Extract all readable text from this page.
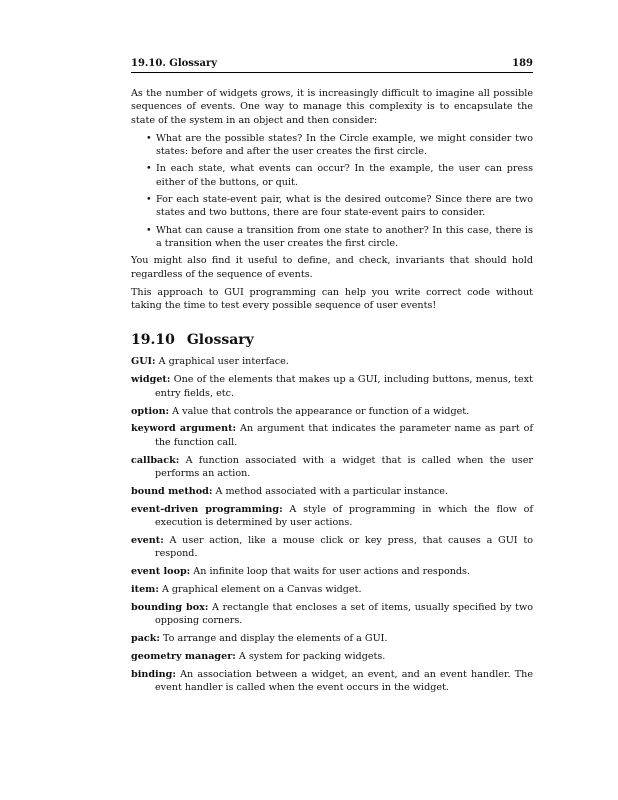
19.10. Glossary	189

As the number of widgets grows, it is increasingly difficult to imagine all possible sequences of events. One way to manage this complexity is to encapsulate the state of the system in an object and then consider:

• What are the possible states? In the Circle example, we might consider two states: before and after the user creates the first circle.
• In each state, what events can occur? In the example, the user can press either of the buttons, or quit.
• For each state-event pair, what is the desired outcome? Since there are two states and two buttons, there are four state-event pairs to consider.
• What can cause a transition from one state to another? In this case, there is a transition when the user creates the first circle.

You might also find it useful to define, and check, invariants that should hold regardless of the sequence of events.

This approach to GUI programming can help you write correct code without taking the time to test every possible sequence of user events!

19.10 Glossary
GUI: A graphical user interface.
widget: One of the elements that makes up a GUI, including buttons, menus, text entry fields, etc.
option: A value that controls the appearance or function of a widget.
keyword argument: An argument that indicates the parameter name as part of the function call.
callback: A function associated with a widget that is called when the user performs an action.
bound method: A method associated with a particular instance.
event-driven programming: A style of programming in which the flow of execution is determined by user actions.
event: A user action, like a mouse click or key press, that causes a GUI to respond.
event loop: An infinite loop that waits for user actions and responds.
item: A graphical element on a Canvas widget.
bounding box: A rectangle that encloses a set of items, usually specified by two opposing corners.
pack: To arrange and display the elements of a GUI.
geometry manager: A system for packing widgets.
binding: An association between a widget, an event, and an event handler. The event handler is called when the event occurs in the widget.
